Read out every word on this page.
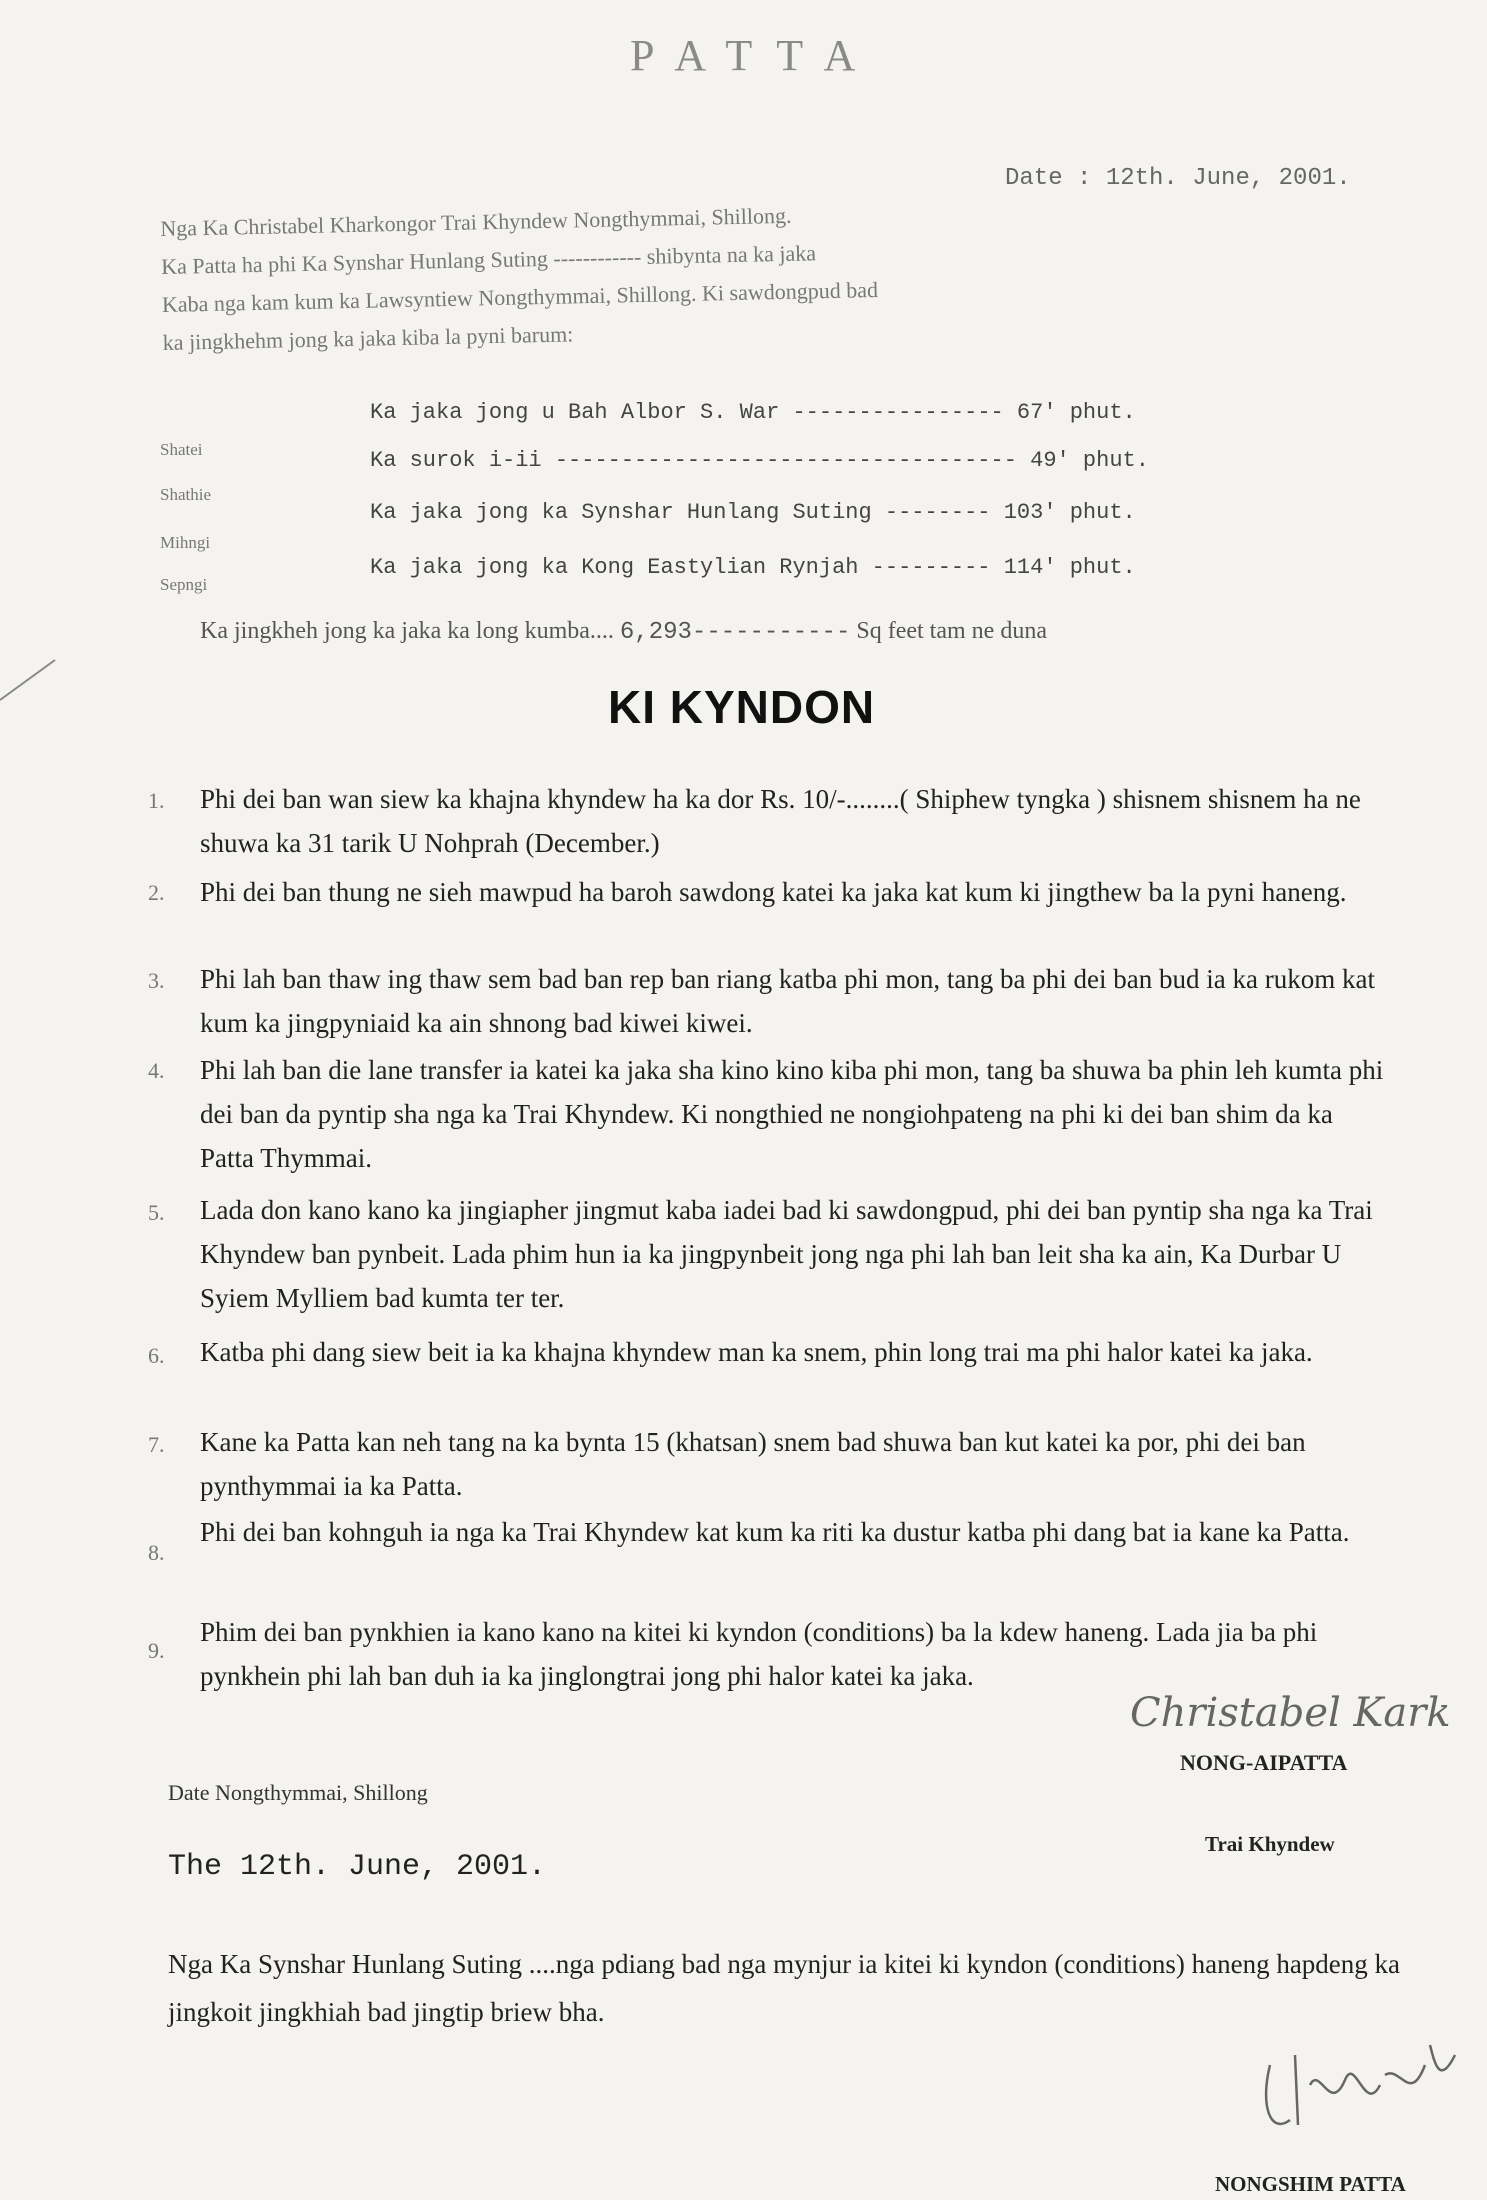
PATTA
Date : 12th. June, 2001.
Nga Ka Christabel Kharkongor Trai Khyndew Nongthymmai, Shillong.
Ka Patta ha phi Ka Synshar Hunlang Suting ------------ shibynta na ka jaka
Kaba nga kam kum ka Lawsyntiew Nongthymmai, Shillong. Ki sawdongpud bad
ka jingkhehm jong ka jaka kiba la pyni barum:
Shatei
Ka jaka jong u Bah Albor S. War ---------------- 67' phut.
Shathie
Ka surok i-ii ----------------------------------- 49' phut.
Mihngi
Ka jaka jong ka Synshar Hunlang Suting -------- 103' phut.
Sepngi
Ka jaka jong ka Kong Eastylian Rynjah --------- 114' phut.
Ka jingkheh jong ka jaka ka long kumba.... 6,293----------- Sq feet tam ne duna
KI KYNDON
1. Phi dei ban wan siew ka khajna khyndew ha ka dor Rs. 10/-........( Shiphew tyngka ) shisnem shisnem ha ne shuwa ka 31 tarik U Nohprah (December.)
2. Phi dei ban thung ne sieh mawpud ha baroh sawdong katei ka jaka kat kum ki jingthew ba la pyni haneng.
3. Phi lah ban thaw ing thaw sem bad ban rep ban riang katba phi mon, tang ba phi dei ban bud ia ka rukom kat kum ka jingpyniaid ka ain shnong bad kiwei kiwei.
4. Phi lah ban die lane transfer ia katei ka jaka sha kino kino kiba phi mon, tang ba shuwa ba phin leh kumta phi dei ban da pyntip sha nga ka Trai Khyndew. Ki nongthied ne nongiohpateng na phi ki dei ban shim da ka Patta Thymmai.
5. Lada don kano kano ka jingiapher jingmut kaba iadei bad ki sawdongpud, phi dei ban pyntip sha nga ka Trai Khyndew ban pynbeit. Lada phim hun ia ka jingpynbeit jong nga phi lah ban leit sha ka ain, Ka Durbar U Syiem Mylliem bad kumta ter ter.
6. Katba phi dang siew beit ia ka khajna khyndew man ka snem, phin long trai ma phi halor katei ka jaka.
7. Kane ka Patta kan neh tang na ka bynta 15 (khatsan) snem bad shuwa ban kut katei ka por, phi dei ban pynthymmai ia ka Patta.
8.
Phi dei ban kohnguh ia nga ka Trai Khyndew kat kum ka riti ka dustur katba phi dang bat ia kane ka Patta.
9.
Phim dei ban pynkhien ia kano kano na kitei ki kyndon (conditions) ba la kdew haneng. Lada jia ba phi pynkhein phi lah ban duh ia ka jinglongtrai jong phi halor katei ka jaka.
Christabel Kark
NONG-AIPATTA
Trai Khyndew
Date Nongthymmai, Shillong
The 12th. June, 2001.
Nga Ka Synshar Hunlang Suting ....nga pdiang bad nga mynjur ia kitei ki kyndon (conditions) haneng hapdeng ka jingkoit jingkhiah bad jingtip briew bha.
NONGSHIM PATTA
